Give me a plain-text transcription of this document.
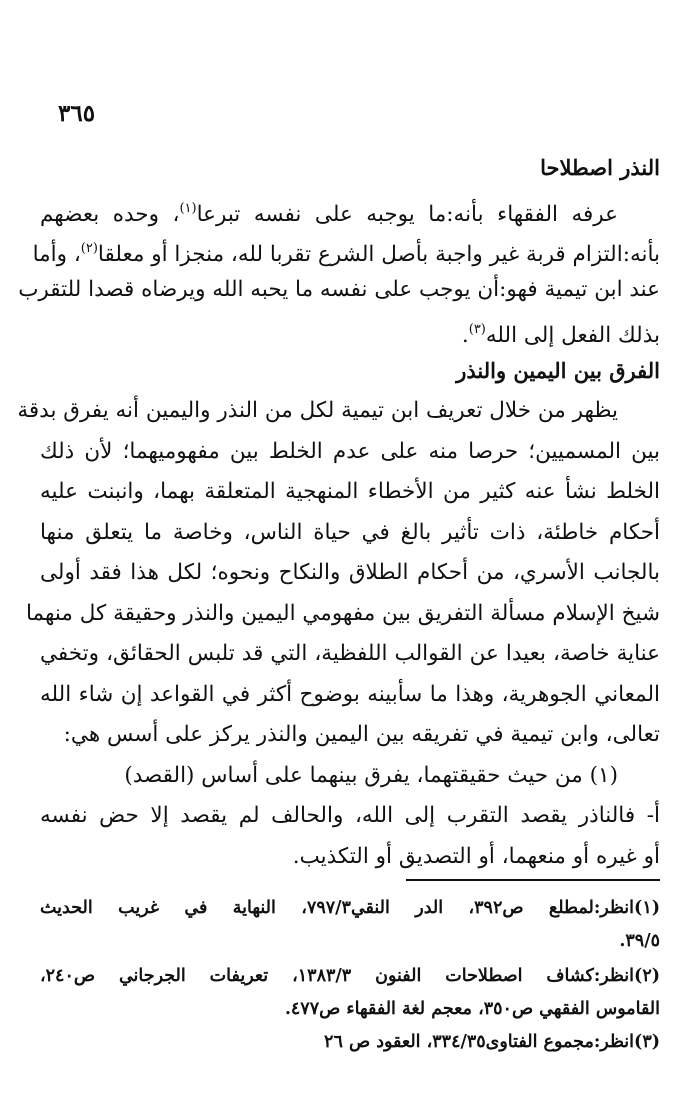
٣٦٥
النذر اصطلاحا
عرفه الفقهاء بأنه:ما يوجبه على نفسه تبرعا$^{(١)}$، وحده بعضهم
بأنه:التزام قربة غير واجبة بأصل الشرع تقربا لله، منجزا أو معلقا$^{(٢)}$، وأما
عند ابن تيمية فهو:أن يوجب على نفسه ما يحبه الله ويرضاه قصدا للتقرب
بذلك الفعل إلى الله$^{(٣)}$.
الفرق بين اليمين والنذر
يظهر من خلال تعريف ابن تيمية لكل من النذر واليمين أنه يفرق بدقة
بين المسميين؛ حرصا منه على عدم الخلط بين مفهوميهما؛ لأن ذلك
الخلط نشأ عنه كثير من الأخطاء المنهجية المتعلقة بهما، وانبنت عليه
أحكام خاطئة، ذات تأثير بالغ في حياة الناس، وخاصة ما يتعلق منها
بالجانب الأسري، من أحكام الطلاق والنكاح ونحوه؛ لكل هذا فقد أولى
شيخ الإسلام مسألة التفريق بين مفهومي اليمين والنذر وحقيقة كل منهما
عناية خاصة، بعيدا عن القوالب اللفظية، التي قد تلبس الحقائق، وتخفي
المعاني الجوهرية، وهذا ما سأبينه بوضوح أكثر في القواعد إن شاء الله
تعالى، وابن تيمية في تفريقه بين اليمين والنذر يركز على أسس هي:
(١) من حيث حقيقتهما، يفرق بينهما على أساس (القصد)
أ- فالناذر يقصد التقرب إلى الله، والحالف لم يقصد إلا حض نفسه
أو غيره أو منعهما، أو التصديق أو التكذيب.
(١)انظر:لمطلع ص٣٩٢، الدر النقي٧٩٧/٣، النهاية في غريب الحديث
٣٩/٥.
(٢)انظر:كشاف اصطلاحات الفنون ١٣٨٣/٣، تعريفات الجرجاني ص٢٤٠،
القاموس الفقهي ص٣٥٠، معجم لغة الفقهاء ص٤٧٧.
(٣)انظر:مجموع الفتاوى٣٣٤/٣٥، العقود ص ٢٦
